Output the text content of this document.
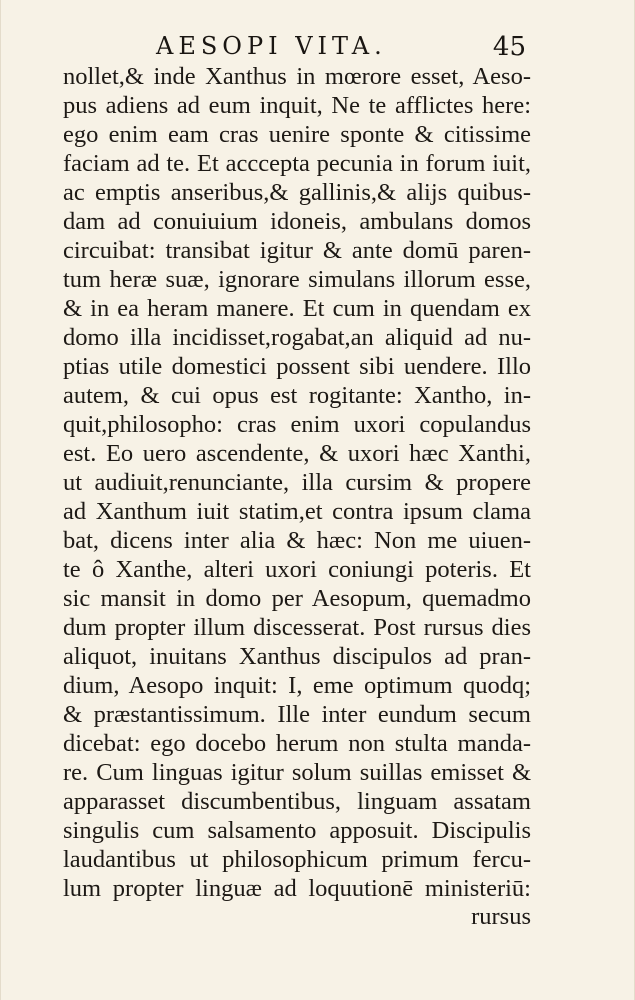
AESOPI VITA.	45
nollet,& inde Xanthus in mœrore esset, Aeso-
pus adiens ad eum inquit, Ne te afflictes here:
ego enim eam cras uenire sponte & citissime
faciam ad te. Et acccepta pecunia in forum iuit,
ac emptis anseribus,& gallinis,& alijs quibus-
dam ad conuiuium idoneis, ambulans domos
circuibat: transibat igitur & ante domū paren-
tum heræ suæ, ignorare simulans illorum esse,
& in ea heram manere. Et cum in quendam ex
domo illa incidisset,rogabat,an aliquid ad nu-
ptias utile domestici possent sibi uendere. Illo
autem, & cui opus est rogitante: Xantho, in-
quit,philosopho: cras enim uxori copulandus
est. Eo uero ascendente, & uxori hæc Xanthi,
ut audiuit,renunciante, illa cursim & propere
ad Xanthum iuit statim,et contra ipsum clama
bat, dicens inter alia & hæc: Non me uiuen-
te ô Xanthe, alteri uxori coniungi poteris. Et
sic mansit in domo per Aesopum, quemadmo
dum propter illum discesserat. Post rursus dies
aliquot, inuitans Xanthus discipulos ad pran-
dium, Aesopo inquit: I, eme optimum quodq;
& præstantissimum. Ille inter eundum secum
dicebat: ego docebo herum non stulta manda-
re. Cum linguas igitur solum suillas emisset &
apparasset discumbentibus, linguam assatam
singulis cum salsamento apposuit. Discipulis
laudantibus ut philosophicum primum fercu-
lum propter linguæ ad loquutionē ministeriū:
rursus
